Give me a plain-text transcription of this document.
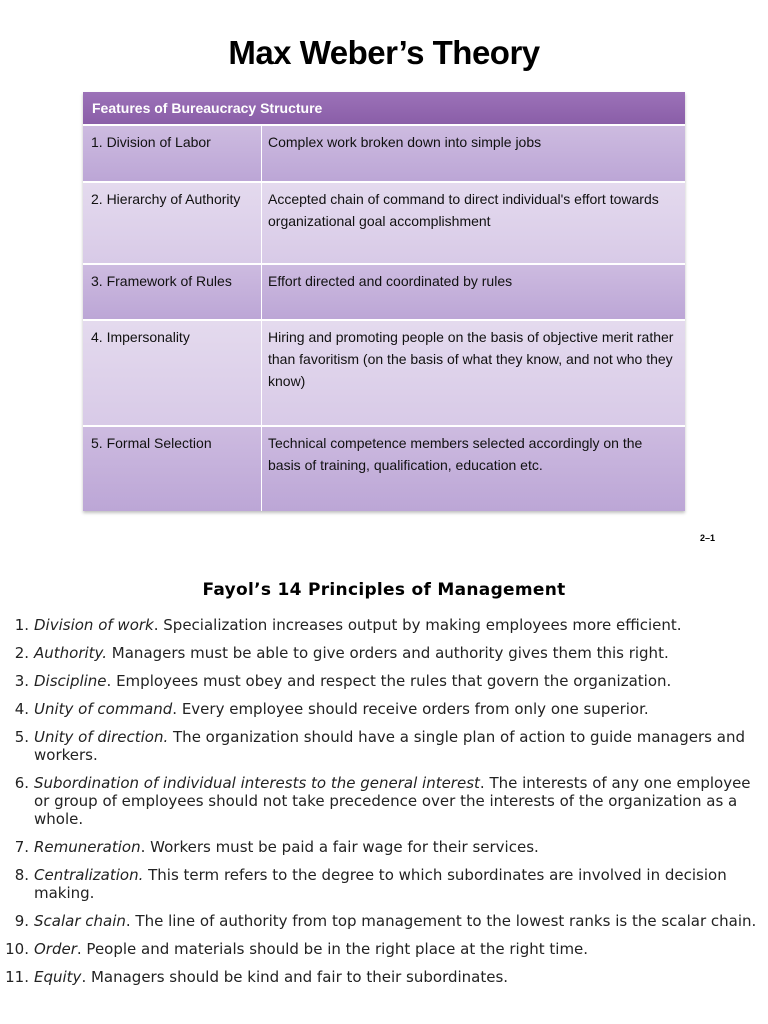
Max Weber’s Theory
Features of Bureaucracy Structure
1. Division of Labor	Complex work broken down into simple jobs
2. Hierarchy of Authority	Accepted chain of command to direct individual's effort towards organizational goal accomplishment
3. Framework of Rules	Effort directed and coordinated by rules
4. Impersonality	Hiring and promoting people on the basis of objective merit rather than favoritism (on the basis of what they know, and not who they know)
5. Formal Selection	Technical competence members selected accordingly on the basis of training, qualification, education etc.
2–1
Fayol’s 14 Principles of Management
1. Division of work. Specialization increases output by making employees more efficient.
2. Authority. Managers must be able to give orders and authority gives them this right.
3. Discipline. Employees must obey and respect the rules that govern the organization.
4. Unity of command. Every employee should receive orders from only one superior.
5. Unity of direction. The organization should have a single plan of action to guide managers and workers.
6. Subordination of individual interests to the general interest. The interests of any one employee or group of employees should not take precedence over the interests of the organization as a whole.
7. Remuneration. Workers must be paid a fair wage for their services.
8. Centralization. This term refers to the degree to which subordinates are involved in decision making.
9. Scalar chain. The line of authority from top management to the lowest ranks is the scalar chain.
10. Order. People and materials should be in the right place at the right time.
11. Equity. Managers should be kind and fair to their subordinates.
